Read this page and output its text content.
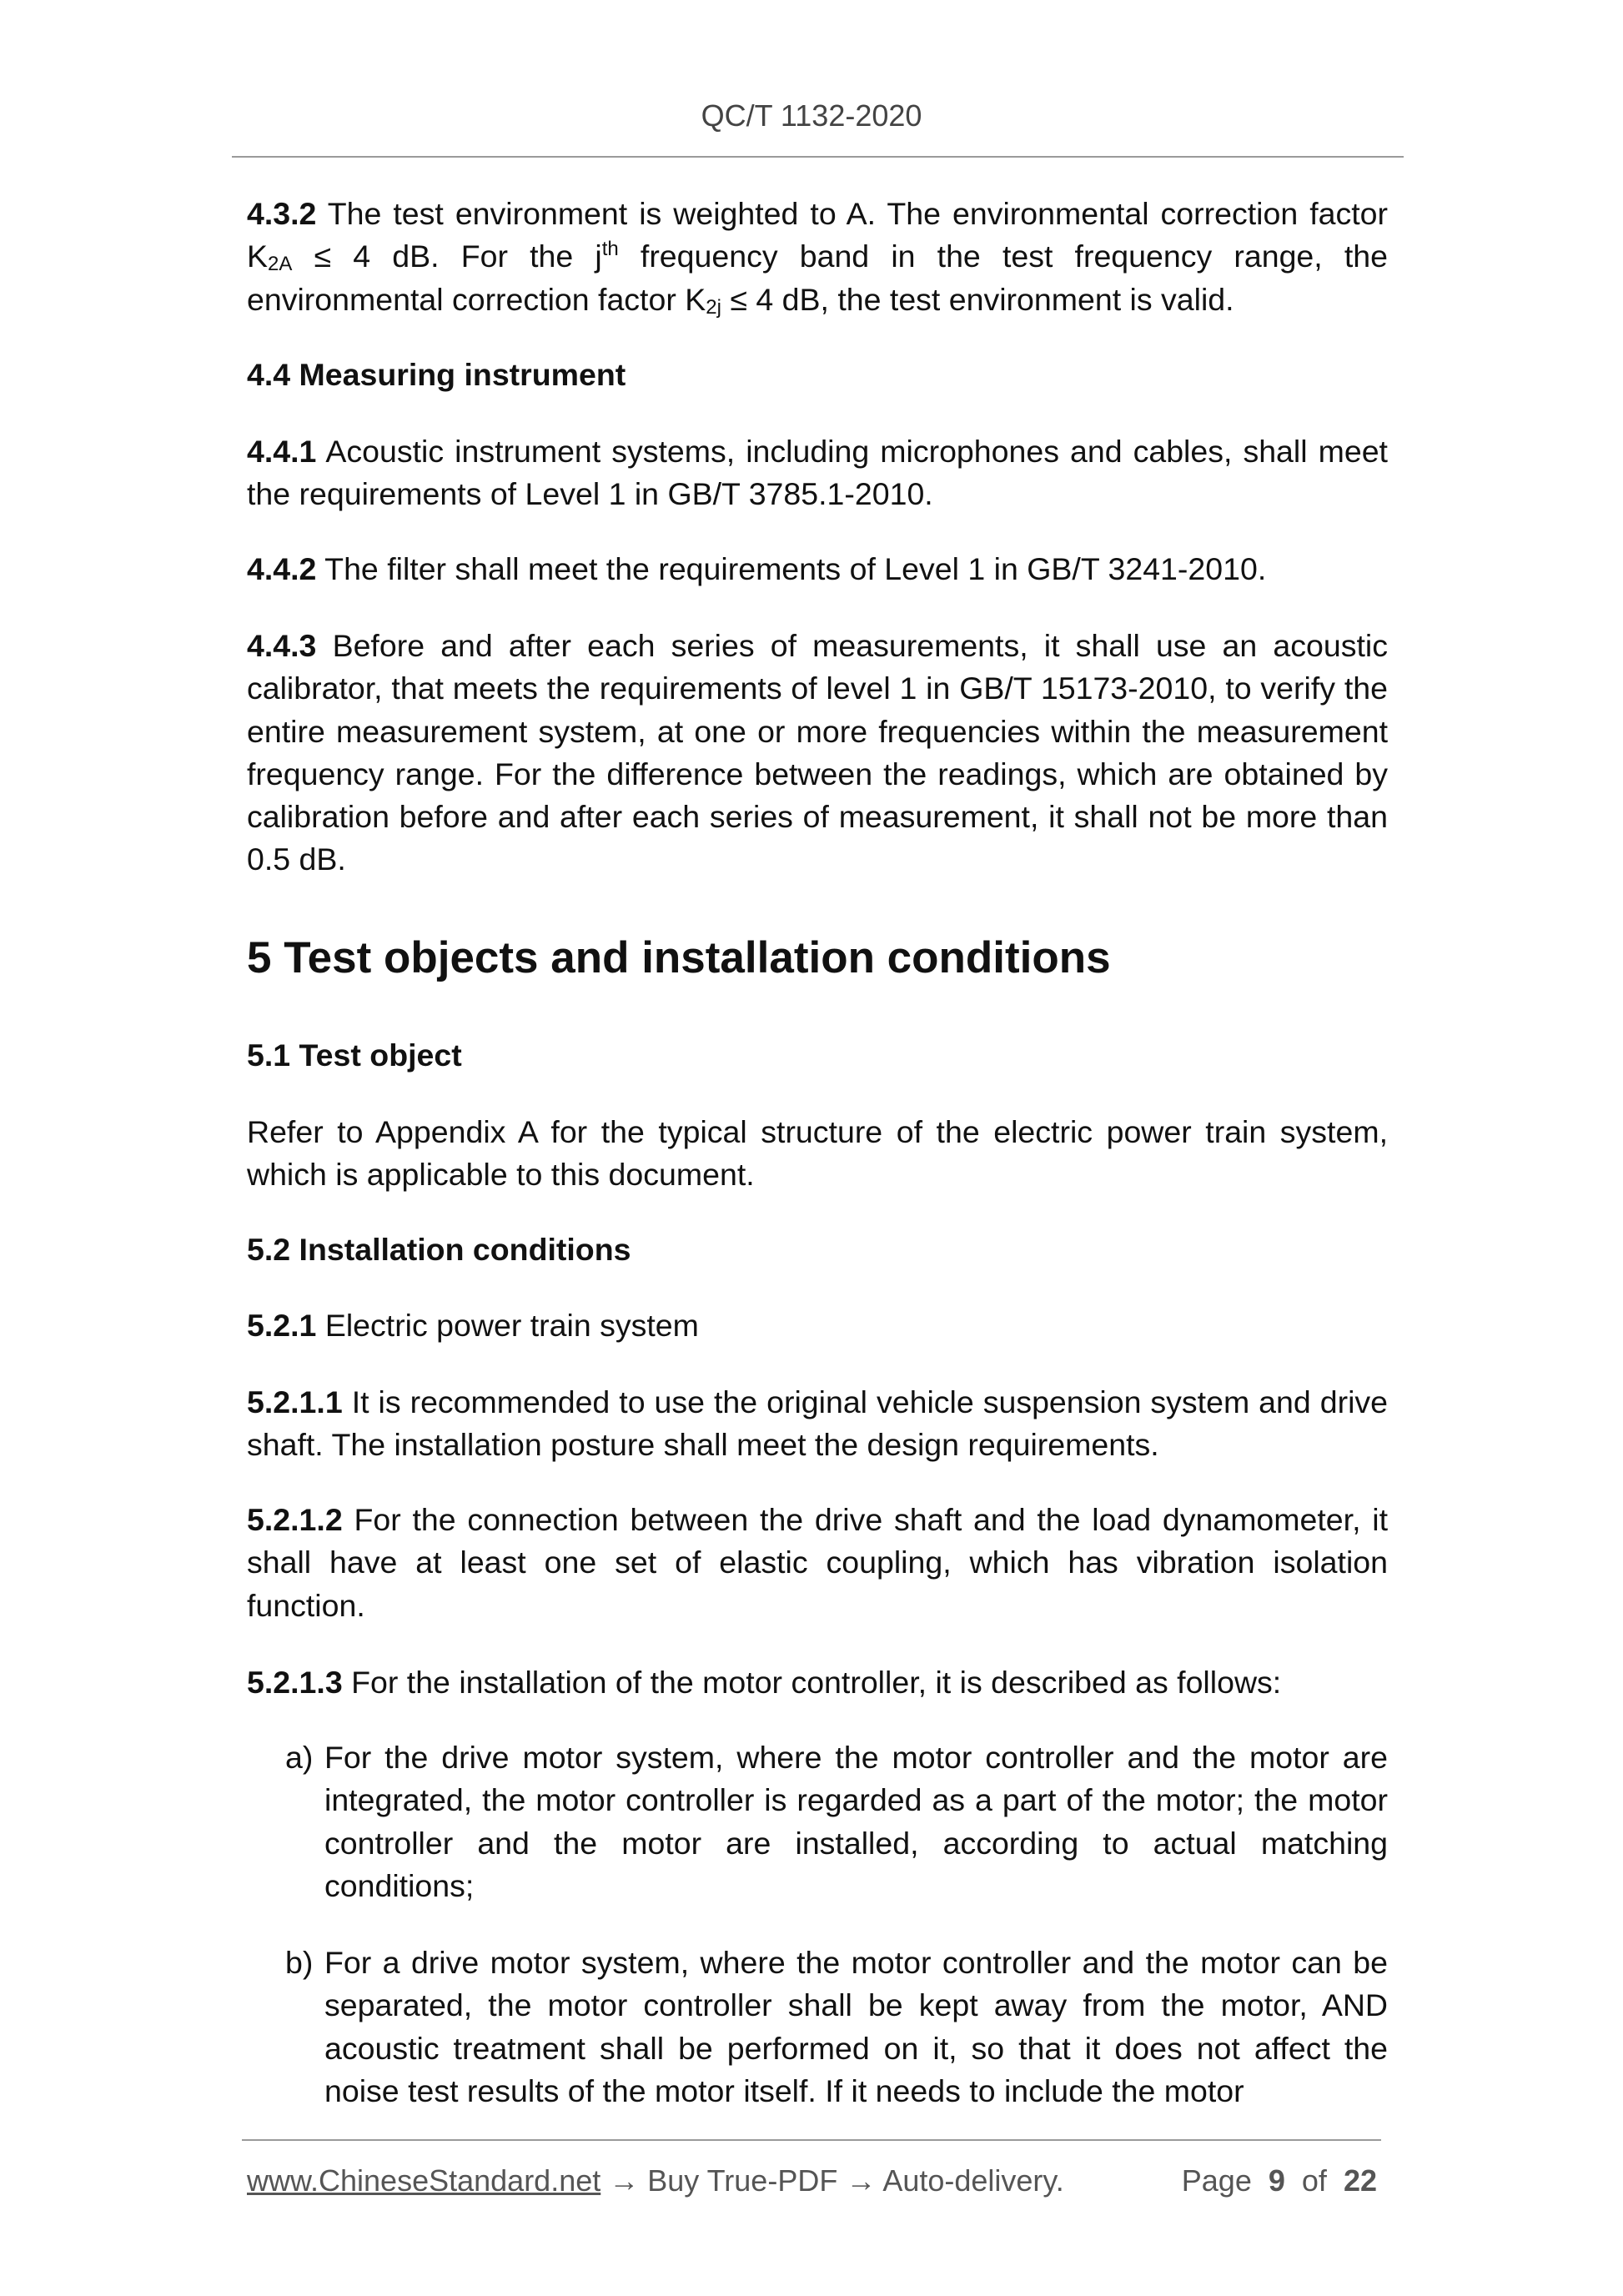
QC/T 1132-2020
4.3.2 The test environment is weighted to A. The environmental correction factor $K_{2A} \le 4$ dB. For the $j^{th}$ frequency band in the test frequency range, the environmental correction factor $K_{2j} \le 4$ dB, the test environment is valid.
4.4 Measuring instrument
4.4.1 Acoustic instrument systems, including microphones and cables, shall meet the requirements of Level 1 in GB/T 3785.1-2010.
4.4.2 The filter shall meet the requirements of Level 1 in GB/T 3241-2010.
4.4.3 Before and after each series of measurements, it shall use an acoustic calibrator, that meets the requirements of level 1 in GB/T 15173-2010, to verify the entire measurement system, at one or more frequencies within the measurement frequency range. For the difference between the readings, which are obtained by calibration before and after each series of measurement, it shall not be more than 0.5 dB.
5 Test objects and installation conditions
5.1 Test object
Refer to Appendix A for the typical structure of the electric power train system, which is applicable to this document.
5.2 Installation conditions
5.2.1 Electric power train system
5.2.1.1 It is recommended to use the original vehicle suspension system and drive shaft. The installation posture shall meet the design requirements.
5.2.1.2 For the connection between the drive shaft and the load dynamometer, it shall have at least one set of elastic coupling, which has vibration isolation function.
5.2.1.3 For the installation of the motor controller, it is described as follows:
a) For the drive motor system, where the motor controller and the motor are integrated, the motor controller is regarded as a part of the motor; the motor controller and the motor are installed, according to actual matching conditions;
b) For a drive motor system, where the motor controller and the motor can be separated, the motor controller shall be kept away from the motor, AND acoustic treatment shall be performed on it, so that it does not affect the noise test results of the motor itself. If it needs to include the motor
www.ChineseStandard.net → Buy True-PDF → Auto-delivery.	Page 9 of 22
